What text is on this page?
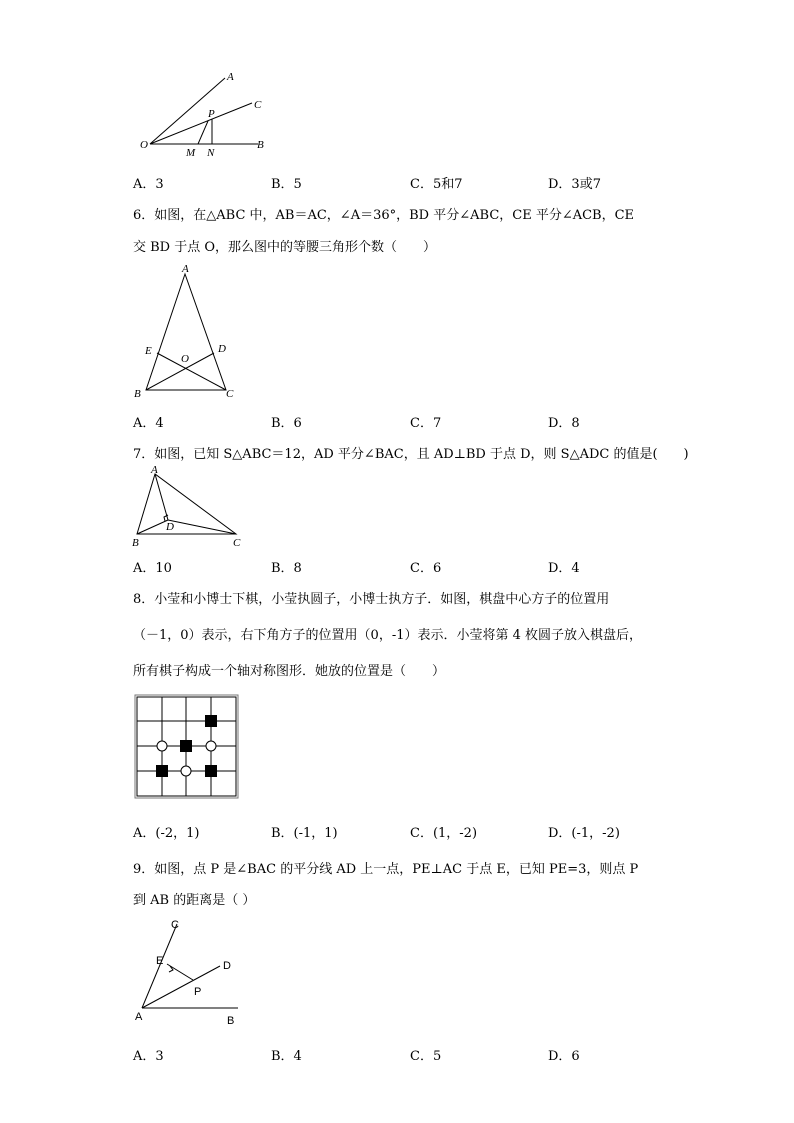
A
C
P
O
M N
B
A．3	B．5	C．5和7	D．3或7
6．如图，在△ABC 中，AB＝AC，∠A＝36°，BD 平分∠ABC，CE 平分∠ACB，CE
交 BD 于点 O，那么图中的等腰三角形个数（　　）
A
E
O
D
B	C
A．4	B．6	C．7	D．8
7．如图，已知 S△ABC＝12，AD 平分∠BAC，且 AD⊥BD 于点 D，则 S△ADC 的值是(　　)
A
D
B	C
A．10	B．8	C．6	D．4
8．小莹和小博士下棋，小莹执圆子，小博士执方子．如图，棋盘中心方子的位置用
（－1，0）表示，右下角方子的位置用（0，-1）表示．小莹将第 4 枚圆子放入棋盘后，
所有棋子构成一个轴对称图形．她放的位置是（　　）
A．(-2，1)	B．(-1，1)	C．(1，-2)	D．(-1，-2)
9．如图，点 P 是∠BAC 的平分线 AD 上一点，PE⊥AC 于点 E，已知 PE=3，则点 P
到 AB 的距离是（ ）
C
E	D
P
A	B
A．3	B．4	C．5	D．6
